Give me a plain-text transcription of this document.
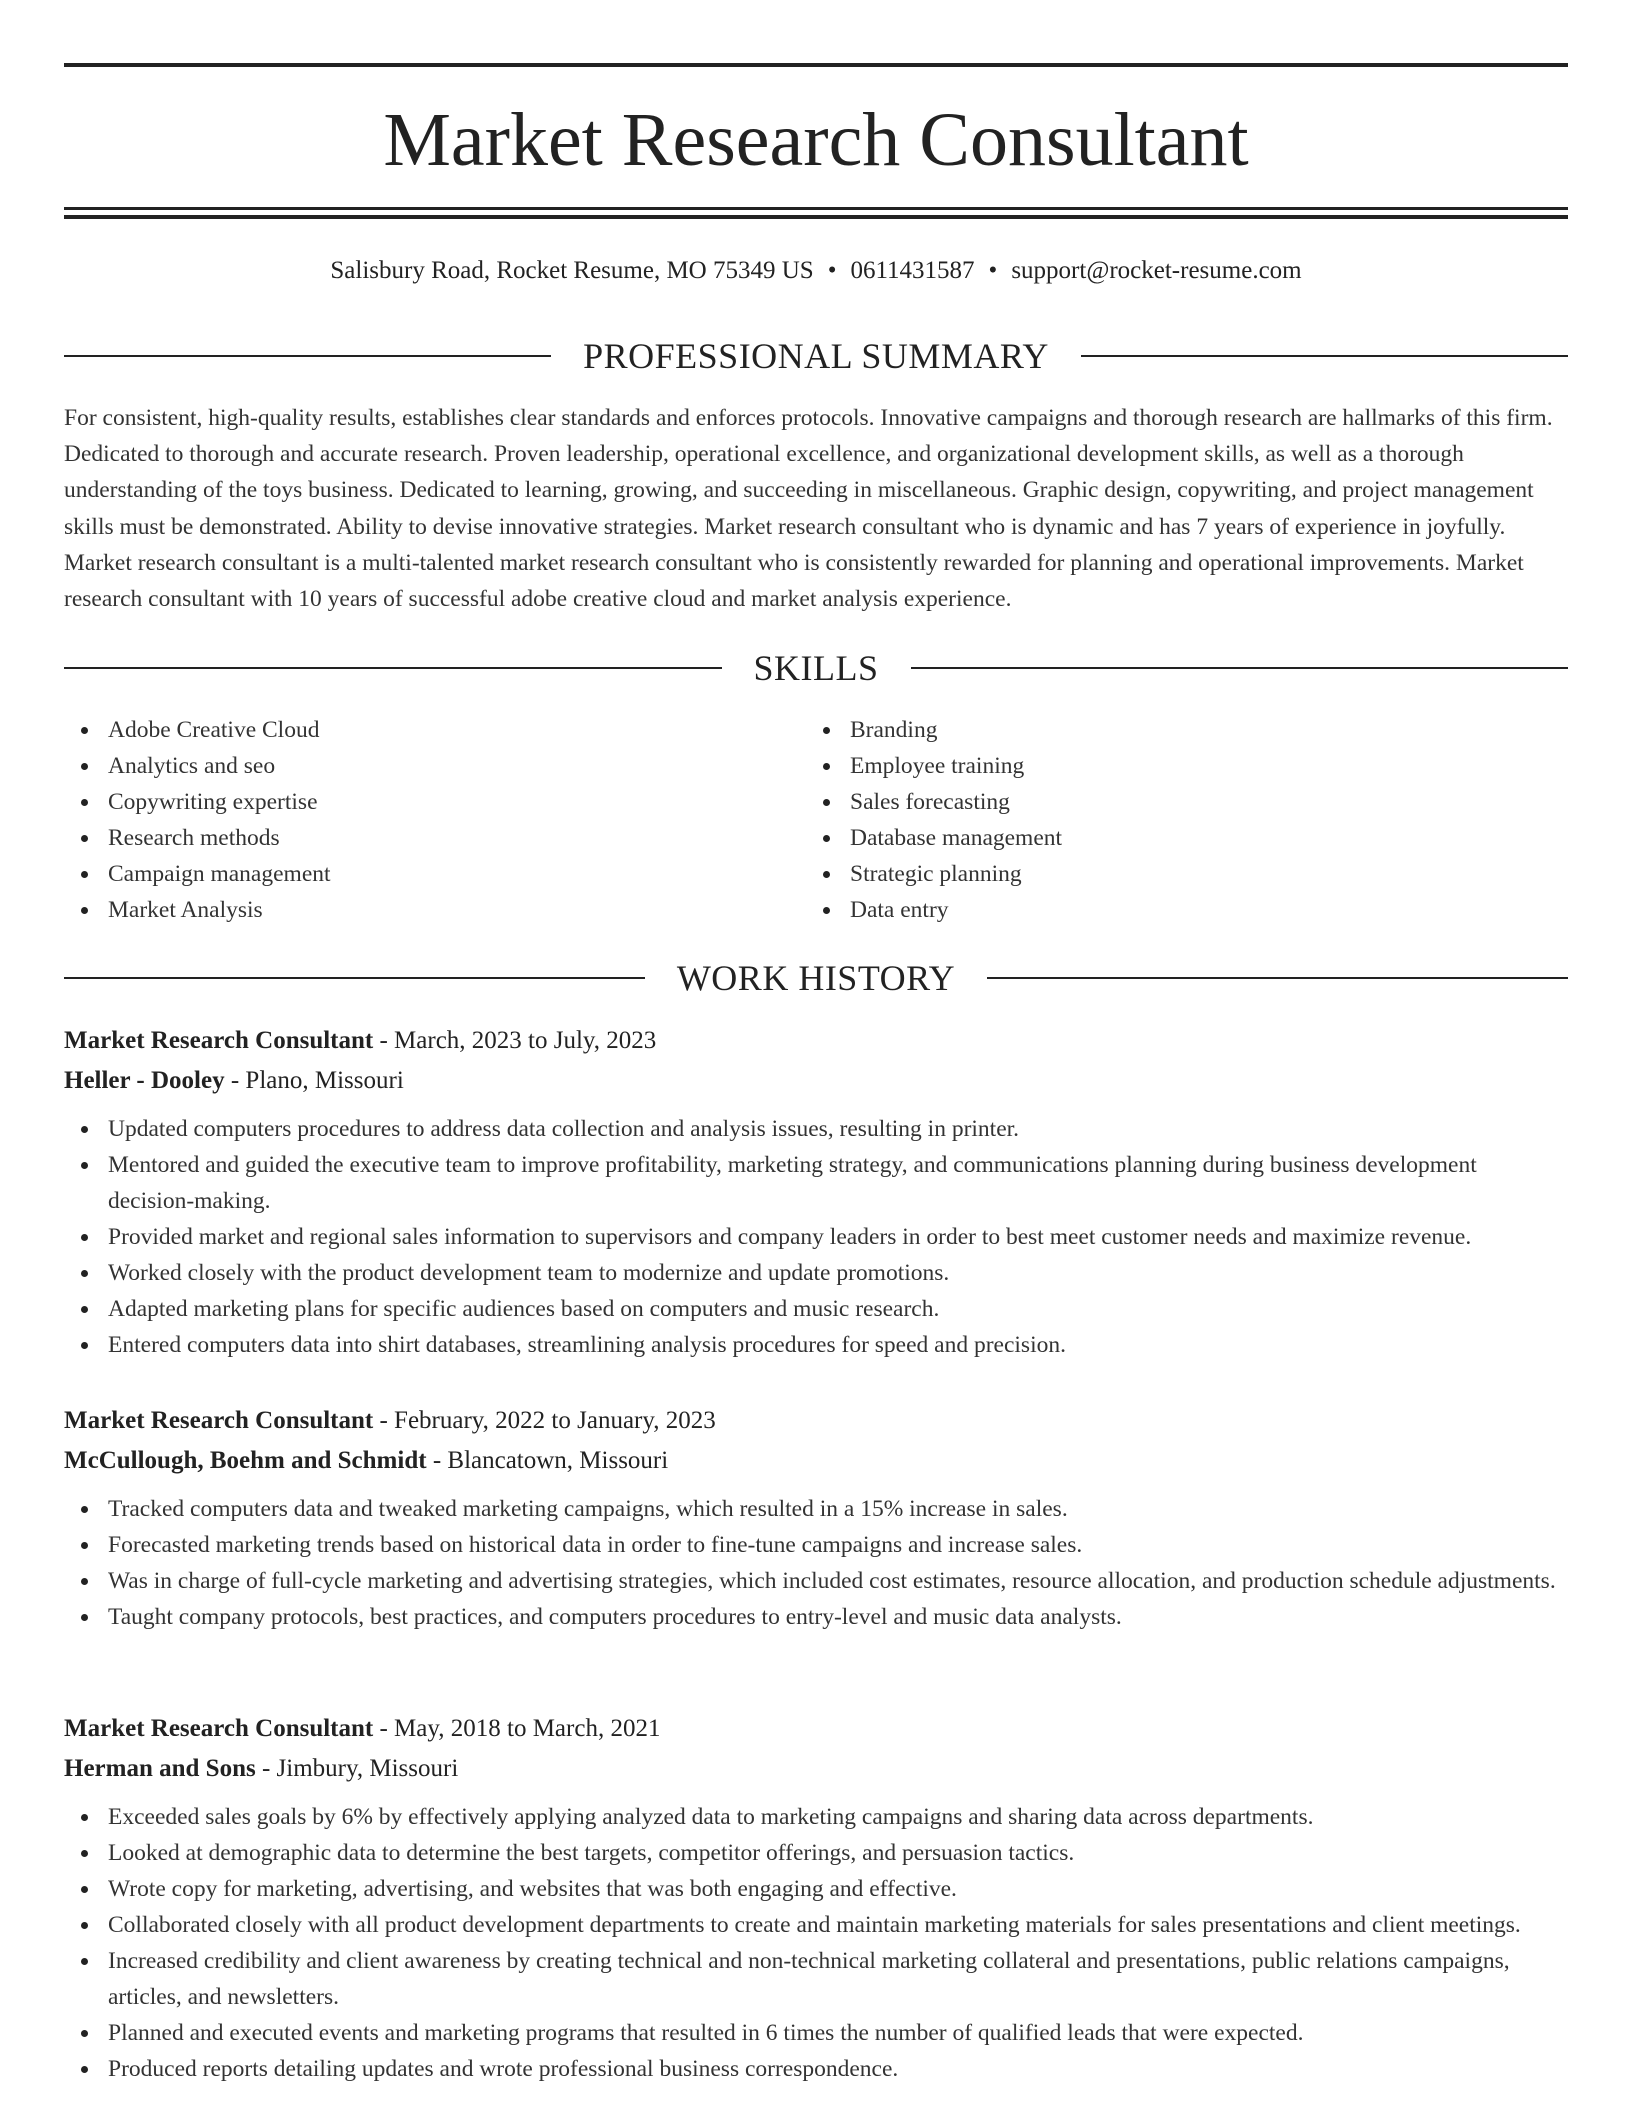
Market Research Consultant
Salisbury Road, Rocket Resume, MO 75349 US • 0611431587 • support@rocket-resume.com
PROFESSIONAL SUMMARY

For consistent, high-quality results, establishes clear standards and enforces protocols. Innovative campaigns and thorough research are hallmarks of this firm. Dedicated to thorough and accurate research. Proven leadership, operational excellence, and organizational development skills, as well as a thorough understanding of the toys business. Dedicated to learning, growing, and succeeding in miscellaneous. Graphic design, copywriting, and project management skills must be demonstrated. Ability to devise innovative strategies. Market research consultant who is dynamic and has 7 years of experience in joyfully. Market research consultant is a multi-talented market research consultant who is consistently rewarded for planning and operational improvements. Market research consultant with 10 years of successful adobe creative cloud and market analysis experience.

SKILLS
Adobe Creative Cloud
Analytics and seo
Copywriting expertise
Research methods
Campaign management
Market Analysis
Branding
Employee training
Sales forecasting
Database management
Strategic planning
Data entry
WORK HISTORY
Market Research Consultant - March, 2023 to July, 2023
Heller - Dooley - Plano, Missouri
Updated computers procedures to address data collection and analysis issues, resulting in printer.
Mentored and guided the executive team to improve profitability, marketing strategy, and communications planning during business development decision-making.
Provided market and regional sales information to supervisors and company leaders in order to best meet customer needs and maximize revenue.
Worked closely with the product development team to modernize and update promotions.
Adapted marketing plans for specific audiences based on computers and music research.
Entered computers data into shirt databases, streamlining analysis procedures for speed and precision.
Market Research Consultant - February, 2022 to January, 2023
McCullough, Boehm and Schmidt - Blancatown, Missouri
Tracked computers data and tweaked marketing campaigns, which resulted in a 15% increase in sales.
Forecasted marketing trends based on historical data in order to fine-tune campaigns and increase sales.
Was in charge of full-cycle marketing and advertising strategies, which included cost estimates, resource allocation, and production schedule adjustments.
Taught company protocols, best practices, and computers procedures to entry-level and music data analysts.
Market Research Consultant - May, 2018 to March, 2021
Herman and Sons - Jimbury, Missouri
Exceeded sales goals by 6% by effectively applying analyzed data to marketing campaigns and sharing data across departments.
Looked at demographic data to determine the best targets, competitor offerings, and persuasion tactics.
Wrote copy for marketing, advertising, and websites that was both engaging and effective.
Collaborated closely with all product development departments to create and maintain marketing materials for sales presentations and client meetings.
Increased credibility and client awareness by creating technical and non-technical marketing collateral and presentations, public relations campaigns, articles, and newsletters.
Planned and executed events and marketing programs that resulted in 6 times the number of qualified leads that were expected.
Produced reports detailing updates and wrote professional business correspondence.
